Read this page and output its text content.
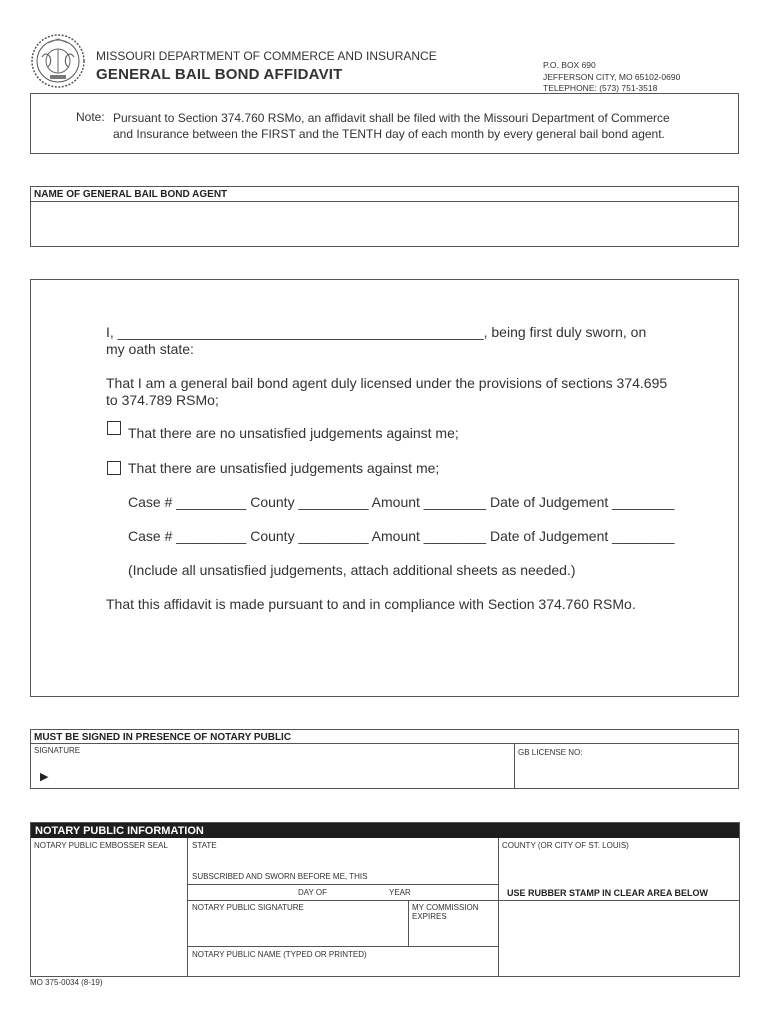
MISSOURI DEPARTMENT OF COMMERCE AND INSURANCE
GENERAL BAIL BOND AFFIDAVIT
P.O. BOX 690
JEFFERSON CITY, MO 65102-0690
TELEPHONE: (573) 751-3518
Note: Pursuant to Section 374.760 RSMo, an affidavit shall be filed with the Missouri Department of Commerce
and Insurance between the FIRST and the TENTH day of each month by every general bail bond agent.
NAME OF GENERAL BAIL BOND AGENT
I, _______________________________________________, being first duly sworn, on
my oath state:
That I am a general bail bond agent duly licensed under the provisions of sections 374.695
to 374.789 RSMo;
That there are no unsatisfied judgements against me;
That there are unsatisfied judgements against me;
Case # _________ County _________ Amount ________ Date of Judgement ________
Case # _________ County _________ Amount ________ Date of Judgement ________
(Include all unsatisfied judgements, attach additional sheets as needed.)
That this affidavit is made pursuant to and in compliance with Section 374.760 RSMo.
MUST BE SIGNED IN PRESENCE OF NOTARY PUBLIC
SIGNATURE
▶
GB LICENSE NO:
NOTARY PUBLIC INFORMATION
NOTARY PUBLIC EMBOSSER SEAL	STATE	COUNTY (OR CITY OF ST. LOUIS)
SUBSCRIBED AND SWORN BEFORE ME, THIS
DAY OF	YEAR	USE RUBBER STAMP IN CLEAR AREA BELOW
NOTARY PUBLIC SIGNATURE	MY COMMISSION
EXPIRES
NOTARY PUBLIC NAME (TYPED OR PRINTED)
MO 375-0034 (8-19)
